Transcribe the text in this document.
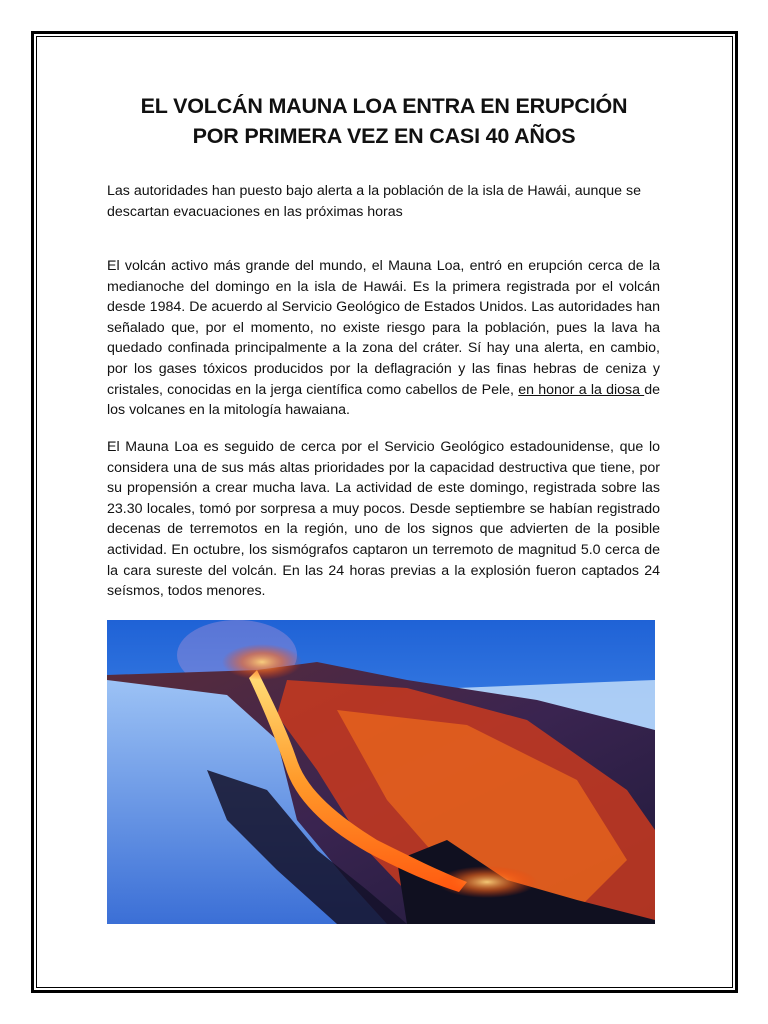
EL VOLCÁN MAUNA LOA ENTRA EN ERUPCIÓN
POR PRIMERA VEZ EN CASI 40 AÑOS

Las autoridades han puesto bajo alerta a la población de la isla de Hawái, aunque se descartan evacuaciones en las próximas horas

El volcán activo más grande del mundo, el Mauna Loa, entró en erupción cerca de la medianoche del domingo en la isla de Hawái. Es la primera registrada por el volcán desde 1984. De acuerdo al Servicio Geológico de Estados Unidos. Las autoridades han señalado que, por el momento, no existe riesgo para la población, pues la lava ha quedado confinada principalmente a la zona del cráter. Sí hay una alerta, en cambio, por los gases tóxicos producidos por la deflagración y las finas hebras de ceniza y cristales, conocidas en la jerga científica como cabellos de Pele, en honor a la diosa de los volcanes en la mitología hawaiana.

El Mauna Loa es seguido de cerca por el Servicio Geológico estadounidense, que lo considera una de sus más altas prioridades por la capacidad destructiva que tiene, por su propensión a crear mucha lava. La actividad de este domingo, registrada sobre las 23.30 locales, tomó por sorpresa a muy pocos. Desde septiembre se habían registrado decenas de terremotos en la región, uno de los signos que advierten de la posible actividad. En octubre, los sismógrafos captaron un terremoto de magnitud 5.0 cerca de la cara sureste del volcán. En las 24 horas previas a la explosión fueron captados 24 seísmos, todos menores.
